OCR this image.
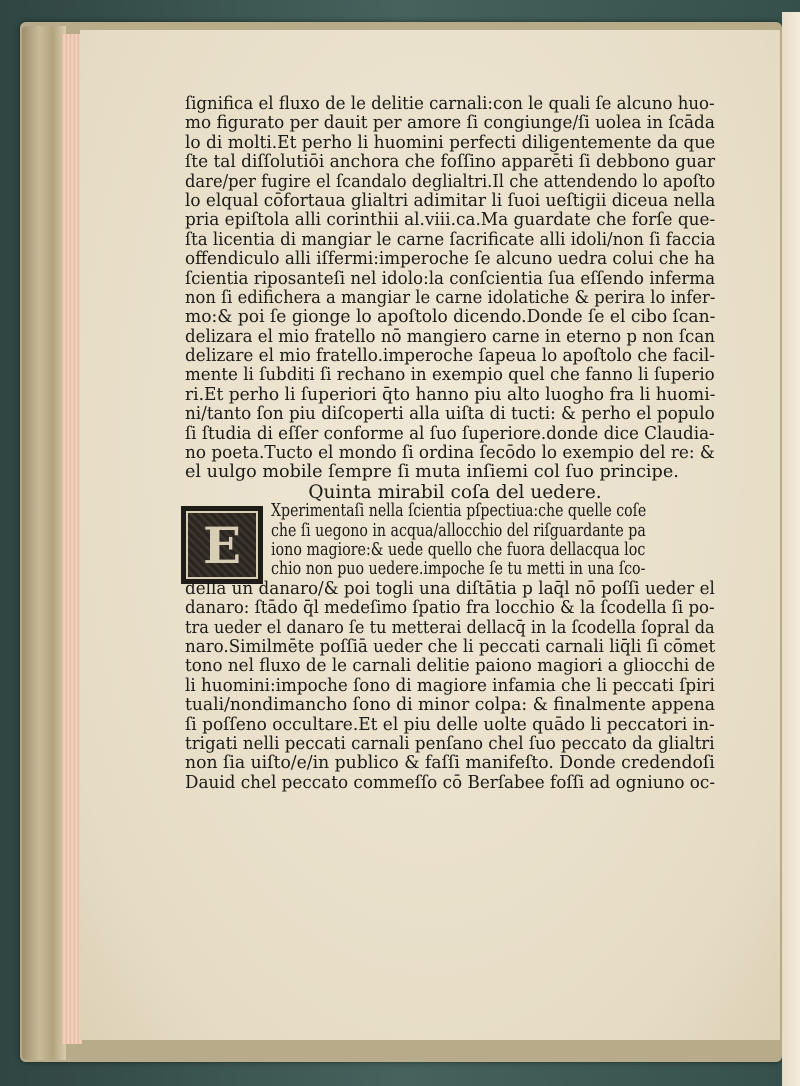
ſignifica el fluxo de le delitie carnali:con le quali ſe alcuno huo-
mo figurato per dauit per amore ſi congiunge/ſi uolea in ſcāda
lo di molti.Et perho li huomini perfecti diligentemente da que
ſte tal diſſolutiōi anchora che foſſino apparēti ſi debbono guar
dare/per fugire el ſcandalo deglialtri.Il che attendendo lo apoſto
lo elqual cōfortaua glialtri adimitar li ſuoi ueſtigii diceua nella
pria epiſtola alli corinthii al.viii.ca.Ma guardate che forſe que-
ſta licentia di mangiar le carne ſacrificate alli idoli/non ſi faccia
offendiculo alli iſfermi:imperoche ſe alcuno uedra colui che ha
ſcientia riposanteſi nel idolo:la conſcientia ſua eſſendo inferma
non ſi edifichera a mangiar le carne idolatiche & perira lo infer-
mo:& poi ſe gionge lo apoſtolo dicendo.Donde ſe el cibo ſcan-
delizara el mio fratello nō mangiero carne in eterno p non ſcan
delizare el mio fratello.imperoche ſapeua lo apoſtolo che facil-
mente li ſubditi ſi rechano in exempio quel che fanno li ſuperio
ri.Et perho li ſuperiori q̄to hanno piu alto luogho fra li huomi-
ni/tanto ſon piu diſcoperti alla uiſta di tucti: & perho el populo
ſi ſtudia di eſſer conforme al ſuo ſuperiore.donde dice Claudia-
no poeta.Tucto el mondo ſi ordina ſecōdo lo exempio del re: &
el uulgo mobile ſempre ſi muta inſiemi col ſuo principe.
Quinta mirabil coſa del uedere.
E
Xperimentaſi nella ſcientia pſpectiua:che quelle coſe
che ſi uegono in acqua/allocchio del riſguardante pa
iono magiore:& uede quello che fuora dellacqua loc
chio non puo uedere.impoche ſe tu metti in una ſco-
della un danaro/& poi togli una diſtātia p laq̄l nō poſſi ueder el
danaro: ſtādo q̄l medeſimo ſpatio fra locchio & la ſcodella ſi po-
tra ueder el danaro ſe tu metterai dellacq̄ in la ſcodella ſopral da
naro.Similmēte poſſiā ueder che li peccati carnali liq̄li ſi cōmet
tono nel fluxo de le carnali delitie paiono magiori a gliocchi de
li huomini:impoche ſono di magiore infamia che li peccati ſpiri
tuali/nondimancho ſono di minor colpa: & finalmente appena
ſi poſſeno occultare.Et el piu delle uolte quādo li peccatori in-
trigati nelli peccati carnali penſano chel ſuo peccato da glialtri
non ſia uiſto/e/in publico & faſſi manifeſto. Donde credendoſi
Dauid chel peccato commeſſo cō Berſabee foſſi ad ogniuno oc-
